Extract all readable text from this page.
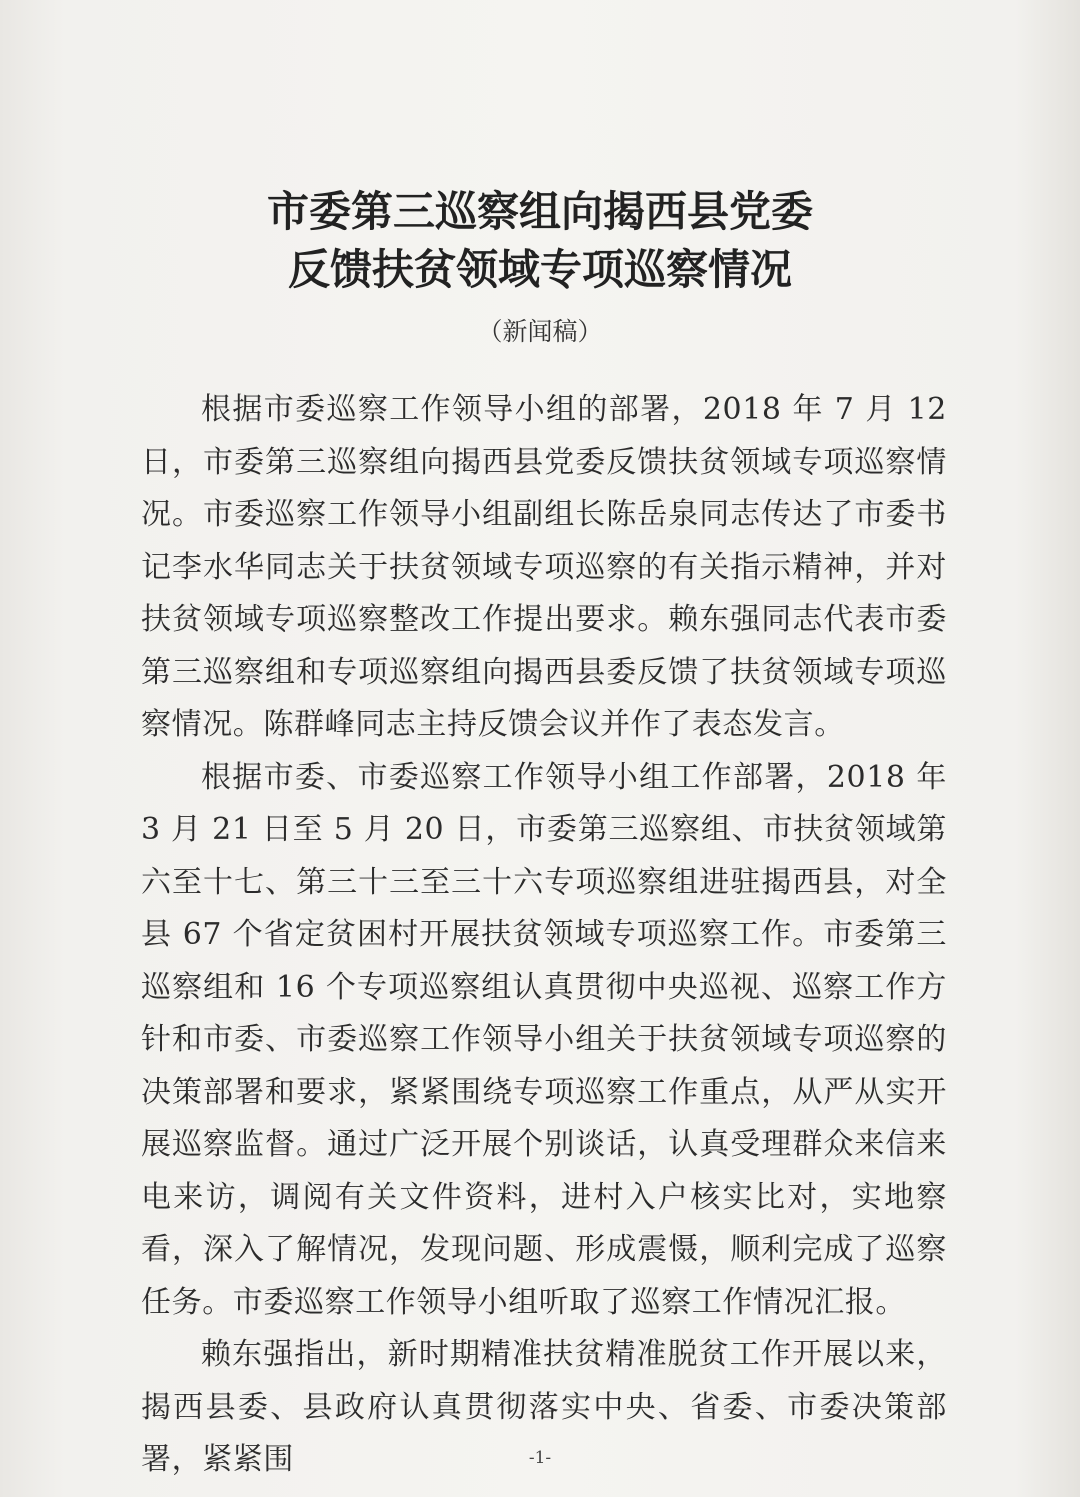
市委第三巡察组向揭西县党委
反馈扶贫领域专项巡察情况
（新闻稿）

根据市委巡察工作领导小组的部署，2018 年 7 月 12 日，市委第三巡察组向揭西县党委反馈扶贫领域专项巡察情况。市委巡察工作领导小组副组长陈岳泉同志传达了市委书记李水华同志关于扶贫领域专项巡察的有关指示精神，并对扶贫领域专项巡察整改工作提出要求。赖东强同志代表市委第三巡察组和专项巡察组向揭西县委反馈了扶贫领域专项巡察情况。陈群峰同志主持反馈会议并作了表态发言。

根据市委、市委巡察工作领导小组工作部署，2018 年 3 月 21 日至 5 月 20 日，市委第三巡察组、市扶贫领域第六至十七、第三十三至三十六专项巡察组进驻揭西县，对全县 67 个省定贫困村开展扶贫领域专项巡察工作。市委第三巡察组和 16 个专项巡察组认真贯彻中央巡视、巡察工作方针和市委、市委巡察工作领导小组关于扶贫领域专项巡察的决策部署和要求，紧紧围绕专项巡察工作重点，从严从实开展巡察监督。通过广泛开展个别谈话，认真受理群众来信来电来访，调阅有关文件资料，进村入户核实比对，实地察看，深入了解情况，发现问题、形成震慑，顺利完成了巡察任务。市委巡察工作领导小组听取了巡察工作情况汇报。

赖东强指出，新时期精准扶贫精准脱贫工作开展以来，揭西县委、县政府认真贯彻落实中央、省委、市委决策部署，紧紧围	-1-
